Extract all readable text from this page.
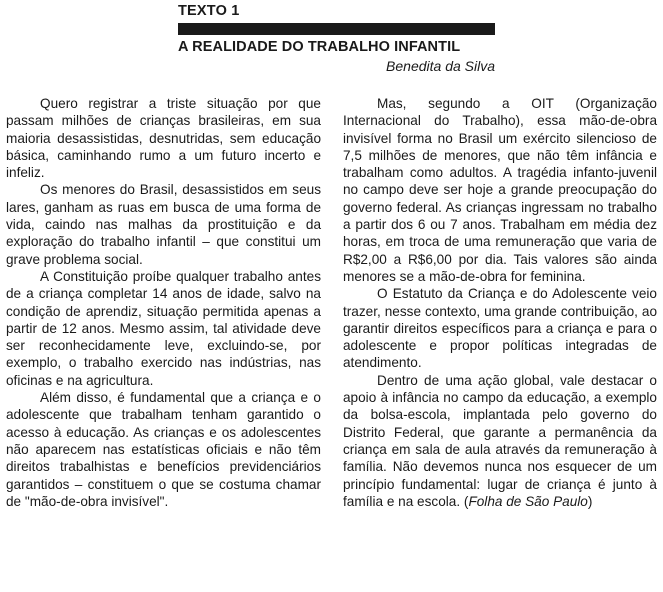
TEXTO 1
A REALIDADE DO TRABALHO INFANTIL
Benedita da Silva

Quero registrar a triste situação por que passam milhões de crianças brasileiras, em sua maioria desassistidas, desnutridas, sem educação básica, caminhando rumo a um futuro incerto e infeliz.

Os menores do Brasil, desassistidos em seus lares, ganham as ruas em busca de uma forma de vida, caindo nas malhas da prostituição e da exploração do trabalho infantil – que constitui um grave problema social.

A Constituição proíbe qualquer trabalho antes de a criança completar 14 anos de idade, salvo na condição de aprendiz, situação permitida apenas a partir de 12 anos. Mesmo assim, tal atividade deve ser reconhecidamente leve, excluindo-se, por exemplo, o trabalho exercido nas indústrias, nas oficinas e na agricultura.

Além disso, é fundamental que a criança e o adolescente que trabalham tenham garantido o acesso à educação. As crianças e os adolescentes não aparecem nas estatísticas oficiais e não têm direitos trabalhistas e benefícios previdenciários garantidos – constituem o que se costuma chamar de "mão-de-obra invisível".

Mas, segundo a OIT (Organização Internacional do Trabalho), essa mão-de-obra invisível forma no Brasil um exército silencioso de 7,5 milhões de menores, que não têm infância e trabalham como adultos. A tragédia infanto-juvenil no campo deve ser hoje a grande preocupação do governo federal. As crianças ingressam no trabalho a partir dos 6 ou 7 anos. Trabalham em média dez horas, em troca de uma remuneração que varia de R$2,00 a R$6,00 por dia. Tais valores são ainda menores se a mão-de-obra for feminina.

O Estatuto da Criança e do Adolescente veio trazer, nesse contexto, uma grande contribuição, ao garantir direitos específicos para a criança e para o adolescente e propor políticas integradas de atendimento.

Dentro de uma ação global, vale destacar o apoio à infância no campo da educação, a exemplo da bolsa-escola, implantada pelo governo do Distrito Federal, que garante a permanência da criança em sala de aula através da remuneração à família. Não devemos nunca nos esquecer de um princípio fundamental: lugar de criança é junto à família e na escola. (Folha de São Paulo)
